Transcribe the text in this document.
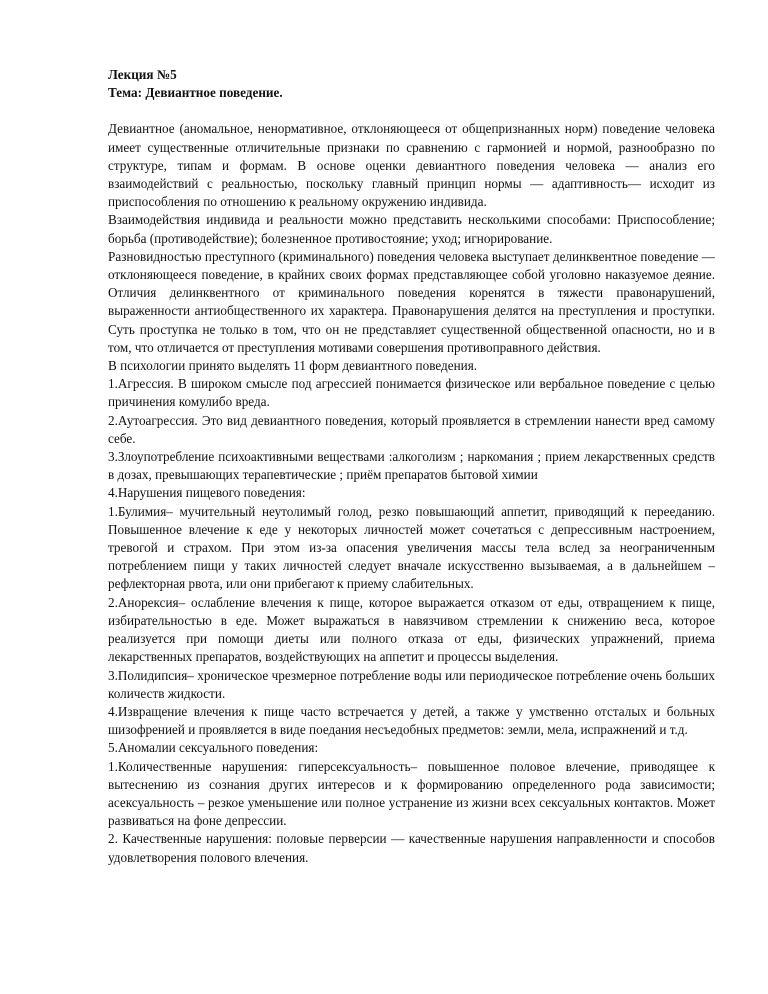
Лекция №5

Тема: Девиантное поведение.

Девиантное (аномальное, ненормативное, отклоняющееся от общепризнанных норм) поведение человека имеет существенные отличительные признаки по сравнению с гармонией и нормой, разнообразно по структуре, типам и формам. В основе оценки девиантного поведения человека — анализ его взаимодействий с реальностью, поскольку главный принцип нормы — адаптивность— исходит из приспособления по отношению к реальному окружению индивида.

Взаимодействия индивида и реальности можно представить несколькими способами: Приспособление; борьба (противодействие); болезненное противостояние; уход; игнорирование.

Разновидностью преступного (криминального) поведения человека выступает делинквентное поведение — отклоняющееся поведение, в крайних своих формах представляющее собой уголовно наказуемое деяние. Отличия делинквентного от криминального поведения коренятся в тяжести правонарушений, выраженности антиобщественного их характера. Правонарушения делятся на преступления и проступки. Суть проступка не только в том, что он не представляет существенной общественной опасности, но и в том, что отличается от преступления мотивами совершения противоправного действия.

В психологии принято выделять 11 форм девиантного поведения.

1.Агрессия. В широком смысле под агрессией понимается физическое или вербальное поведение с целью причинения комулибо вреда.

2.Аутоагрессия. Это вид девиантного поведения, который проявляется в стремлении нанести вред самому себе.

3.Злоупотребление психоактивными веществами :алкоголизм ; наркомания ; прием лекарственных средств в дозах, превышающих терапевтические ; приём препаратов бытовой химии

4.Нарушения пищевого поведения:

1.Булимия– мучительный неутолимый голод, резко повышающий аппетит, приводящий к перееданию. Повышенное влечение к еде у некоторых личностей может сочетаться с депрессивным настроением, тревогой и страхом. При этом из-за опасения увеличения массы тела вслед за неограниченным потреблением пищи у таких личностей следует вначале искусственно вызываемая, а в дальнейшем – рефлекторная рвота, или они прибегают к приему слабительных.

2.Анорексия– ослабление влечения к пище, которое выражается отказом от еды, отвращением к пище, избирательностью в еде. Может выражаться в навязчивом стремлении к снижению веса, которое реализуется при помощи диеты или полного отказа от еды, физических упражнений, приема лекарственных препаратов, воздействующих на аппетит и процессы выделения.

3.Полидипсия– хроническое чрезмерное потребление воды или периодическое потребление очень больших количеств жидкости.

4.Извращение влечения к пище часто встречается у детей, а также у умственно отсталых и больных шизофренией и проявляется в виде поедания несъедобных предметов: земли, мела, испражнений и т.д.

5.Аномалии сексуального поведения:

1.Количественные нарушения: гиперсексуальность– повышенное половое влечение, приводящее к вытеснению из сознания других интересов и к формированию определенного рода зависимости; асексуальность – резкое уменьшение или полное устранение из жизни всех сексуальных контактов. Может развиваться на фоне депрессии.

2. Качественные нарушения: половые перверсии — качественные нарушения направленности и способов удовлетворения полового влечения.
